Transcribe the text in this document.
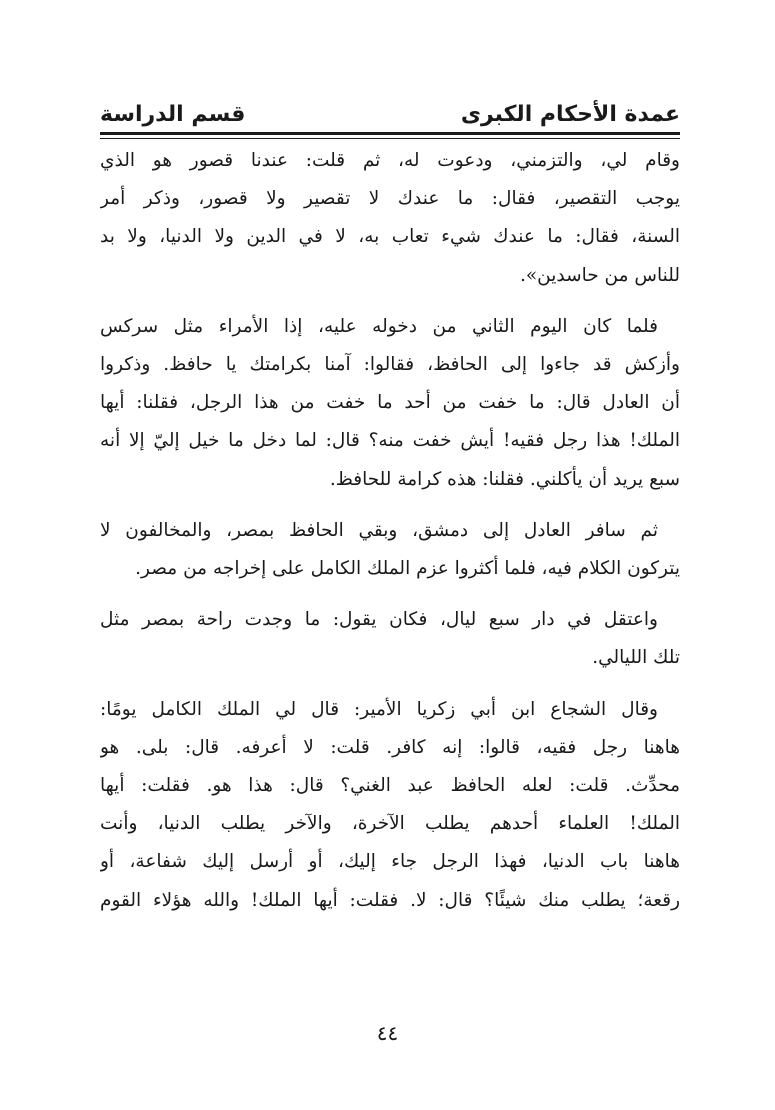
عمدة الأحكام الكبرى
قسم الدراسة

وقام لي، والتزمني، ودعوت له، ثم قلت: عندنا قصور هو الذي
يوجب التقصير، فقال: ما عندك لا تقصير ولا قصور، وذكر أمر
السنة، فقال: ما عندك شيء تعاب به، لا في الدين ولا الدنيا، ولا بد
للناس من حاسدين».

فلما كان اليوم الثاني من دخوله عليه، إذا الأمراء مثل سركس
وأزكش قد جاءوا إلى الحافظ، فقالوا: آمنا بكرامتك يا حافظ. وذكروا
أن العادل قال: ما خفت من أحد ما خفت من هذا الرجل، فقلنا: أيها
الملك! هذا رجل فقيه! أيش خفت منه؟ قال: لما دخل ما خيل إليّ إلا أنه
سبع يريد أن يأكلني. فقلنا: هذه كرامة للحافظ.

ثم سافر العادل إلى دمشق، وبقي الحافظ بمصر، والمخالفون لا
يتركون الكلام فيه، فلما أكثروا عزم الملك الكامل على إخراجه من مصر.

واعتقل في دار سبع ليال، فكان يقول: ما وجدت راحة بمصر مثل
تلك الليالي.

وقال الشجاع ابن أبي زكريا الأمير: قال لي الملك الكامل يومًا:
هاهنا رجل فقيه، قالوا: إنه كافر. قلت: لا أعرفه. قال: بلى. هو
محدِّث. قلت: لعله الحافظ عبد الغني؟ قال: هذا هو. فقلت: أيها
الملك! العلماء أحدهم يطلب الآخرة، والآخر يطلب الدنيا، وأنت
هاهنا باب الدنيا، فهذا الرجل جاء إليك، أو أرسل إليك شفاعة، أو
رقعة؛ يطلب منك شيئًا؟ قال: لا. فقلت: أيها الملك! والله هؤلاء القوم

٤٤
